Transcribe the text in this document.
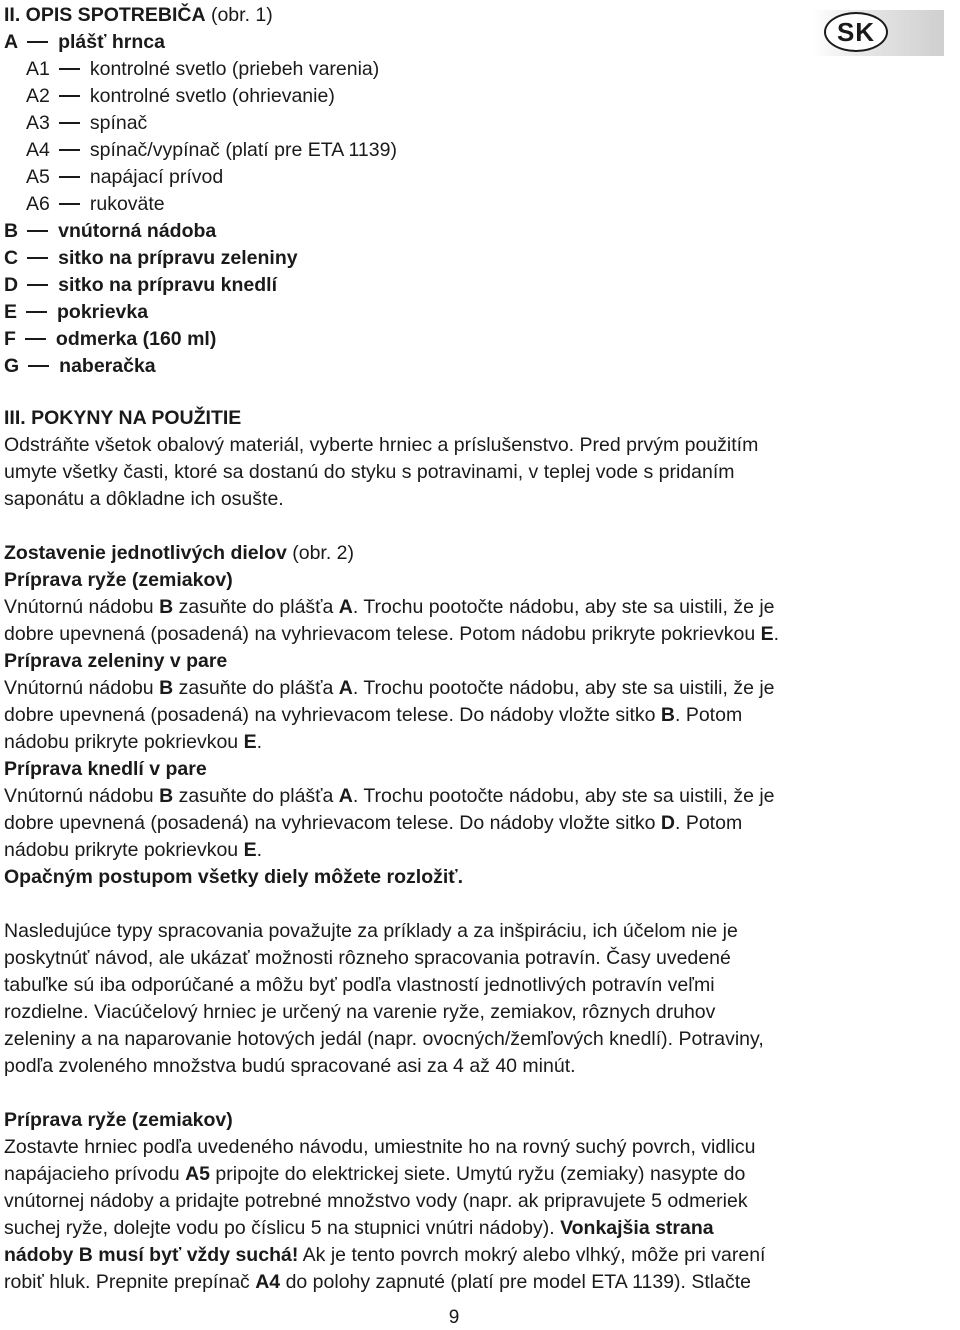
SK
II. OPIS SPOTREBIČA (obr. 1)
A plášť hrnca
A1 kontrolné svetlo (priebeh varenia)
A2 kontrolné svetlo (ohrievanie)
A3 spínač
A4 spínač/vypínač (platí pre ETA 1139)
A5 napájací prívod
A6 rukoväte
B vnútorná nádoba
C sitko na prípravu zeleniny
D sitko na prípravu knedlí
E pokrievka
F odmerka (160 ml)
G naberačka
III. POKYNY NA POUŽITIE
Odstráňte všetok obalový materiál, vyberte hrniec a príslušenstvo. Pred prvým použitím
umyte všetky časti, ktoré sa dostanú do styku s potravinami, v teplej vode s pridaním
saponátu a dôkladne ich osušte.
Zostavenie jednotlivých dielov (obr. 2)
Príprava ryže (zemiakov)
Vnútornú nádobu B zasuňte do plášťa A. Trochu pootočte nádobu, aby ste sa uistili, že je
dobre upevnená (posadená) na vyhrievacom telese. Potom nádobu prikryte pokrievkou E.
Príprava zeleniny v pare
Vnútornú nádobu B zasuňte do plášťa A. Trochu pootočte nádobu, aby ste sa uistili, že je
dobre upevnená (posadená) na vyhrievacom telese. Do nádoby vložte sitko B. Potom
nádobu prikryte pokrievkou E.
Príprava knedlí v pare
Vnútornú nádobu B zasuňte do plášťa A. Trochu pootočte nádobu, aby ste sa uistili, že je
dobre upevnená (posadená) na vyhrievacom telese. Do nádoby vložte sitko D. Potom
nádobu prikryte pokrievkou E.
Opačným postupom všetky diely môžete rozložiť.
Nasledujúce typy spracovania považujte za príklady a za inšpiráciu, ich účelom nie je
poskytnúť návod, ale ukázať možnosti rôzneho spracovania potravín. Časy uvedené
tabuľke sú iba odporúčané a môžu byť podľa vlastností jednotlivých potravín veľmi
rozdielne. Viacúčelový hrniec je určený na varenie ryže, zemiakov, rôznych druhov
zeleniny a na naparovanie hotových jedál (napr. ovocných/žemľových knedlí). Potraviny,
podľa zvoleného množstva budú spracované asi za 4 až 40 minút.
Príprava ryže (zemiakov)
Zostavte hrniec podľa uvedeného návodu, umiestnite ho na rovný suchý povrch, vidlicu
napájacieho prívodu A5 pripojte do elektrickej siete. Umytú ryžu (zemiaky) nasypte do
vnútornej nádoby a pridajte potrebné množstvo vody (napr. ak pripravujete 5 odmeriek
suchej ryže, dolejte vodu po číslicu 5 na stupnici vnútri nádoby). Vonkajšia strana
nádoby B musí byť vždy suchá! Ak je tento povrch mokrý alebo vlhký, môže pri varení
robiť hluk. Prepnite prepínač A4 do polohy zapnuté (platí pre model ETA 1139). Stlačte
9
